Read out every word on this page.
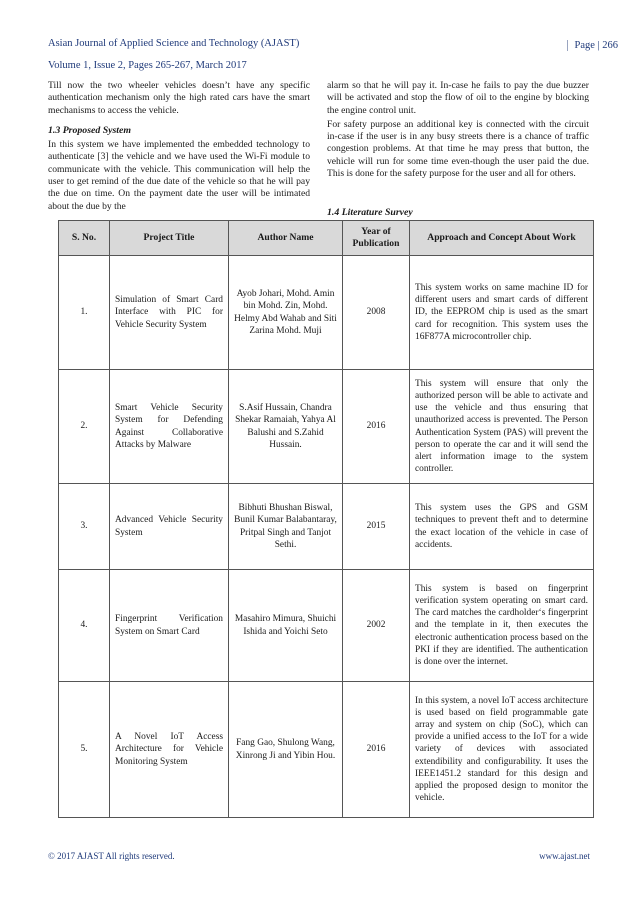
Asian Journal of Applied Science and Technology (AJAST)
Volume 1, Issue 2, Pages 265-267, March 2017
Page | 266

Till now the two wheeler vehicles doesn’t have any specific authentication mechanism only the high rated cars have the smart mechanisms to access the vehicle.

1.3 Proposed System

In this system we have implemented the embedded technology to authenticate [3] the vehicle and we have used the Wi-Fi module to communicate with the vehicle. This communication will help the user to get remind of the due date of the vehicle so that he will pay the due on time. On the payment date the user will be intimated about the due by the

alarm so that he will pay it. In-case he fails to pay the due buzzer will be activated and stop the flow of oil to the engine by blocking the engine control unit.

For safety purpose an additional key is connected with the circuit in-case if the user is in any busy streets there is a chance of traffic congestion problems. At that time he may press that button, the vehicle will run for some time even-though the user paid the due. This is done for the safety purpose for the user and all for others.

1.4 Literature Survey
S. No.	Project Title	Author Name	Year of Publication	Approach and Concept About Work
1.	Simulation of Smart Card Interface with PIC for Vehicle Security System	Ayob Johari, Mohd. Amin bin Mohd. Zin, Mohd. Helmy Abd Wahab and Siti Zarina Mohd. Muji	2008	This system works on same machine ID for different users and smart cards of different ID, the EEPROM chip is used as the smart card for recognition. This system uses the 16F877A microcontroller chip.
2.	Smart Vehicle Security System for Defending Against Collaborative Attacks by Malware	S.Asif Hussain, Chandra Shekar Ramaiah, Yahya Al Balushi and S.Zahid Hussain.	2016	This system will ensure that only the authorized person will be able to activate and use the vehicle and thus ensuring that unauthorized access is prevented. The Person Authentication System (PAS) will prevent the person to operate the car and it will send the alert information image to the system controller.
3.	Advanced Vehicle Security System	Bibhuti Bhushan Biswal, Bunil Kumar Balabantaray, Pritpal Singh and Tanjot Sethi.	2015	This system uses the GPS and GSM techniques to prevent theft and to determine the exact location of the vehicle in case of accidents.
4.	Fingerprint Verification System on Smart Card	Masahiro Mimura, Shuichi Ishida and Yoichi Seto	2002	This system is based on fingerprint verification system operating on smart card. The card matches the cardholder‘s fingerprint and the template in it, then executes the electronic authentication process based on the PKI if they are identified. The authentication is done over the internet.
5.	A Novel IoT Access Architecture for Vehicle Monitoring System	Fang Gao, Shulong Wang, Xinrong Ji and Yibin Hou.	2016	In this system, a novel IoT access architecture is used based on field programmable gate array and system on chip (SoC), which can provide a unified access to the IoT for a wide variety of devices with associated extendibility and configurability. It uses the IEEE1451.2 standard for this design and applied the proposed design to monitor the vehicle.
© 2017 AJAST All rights reserved.	www.ajast.net
